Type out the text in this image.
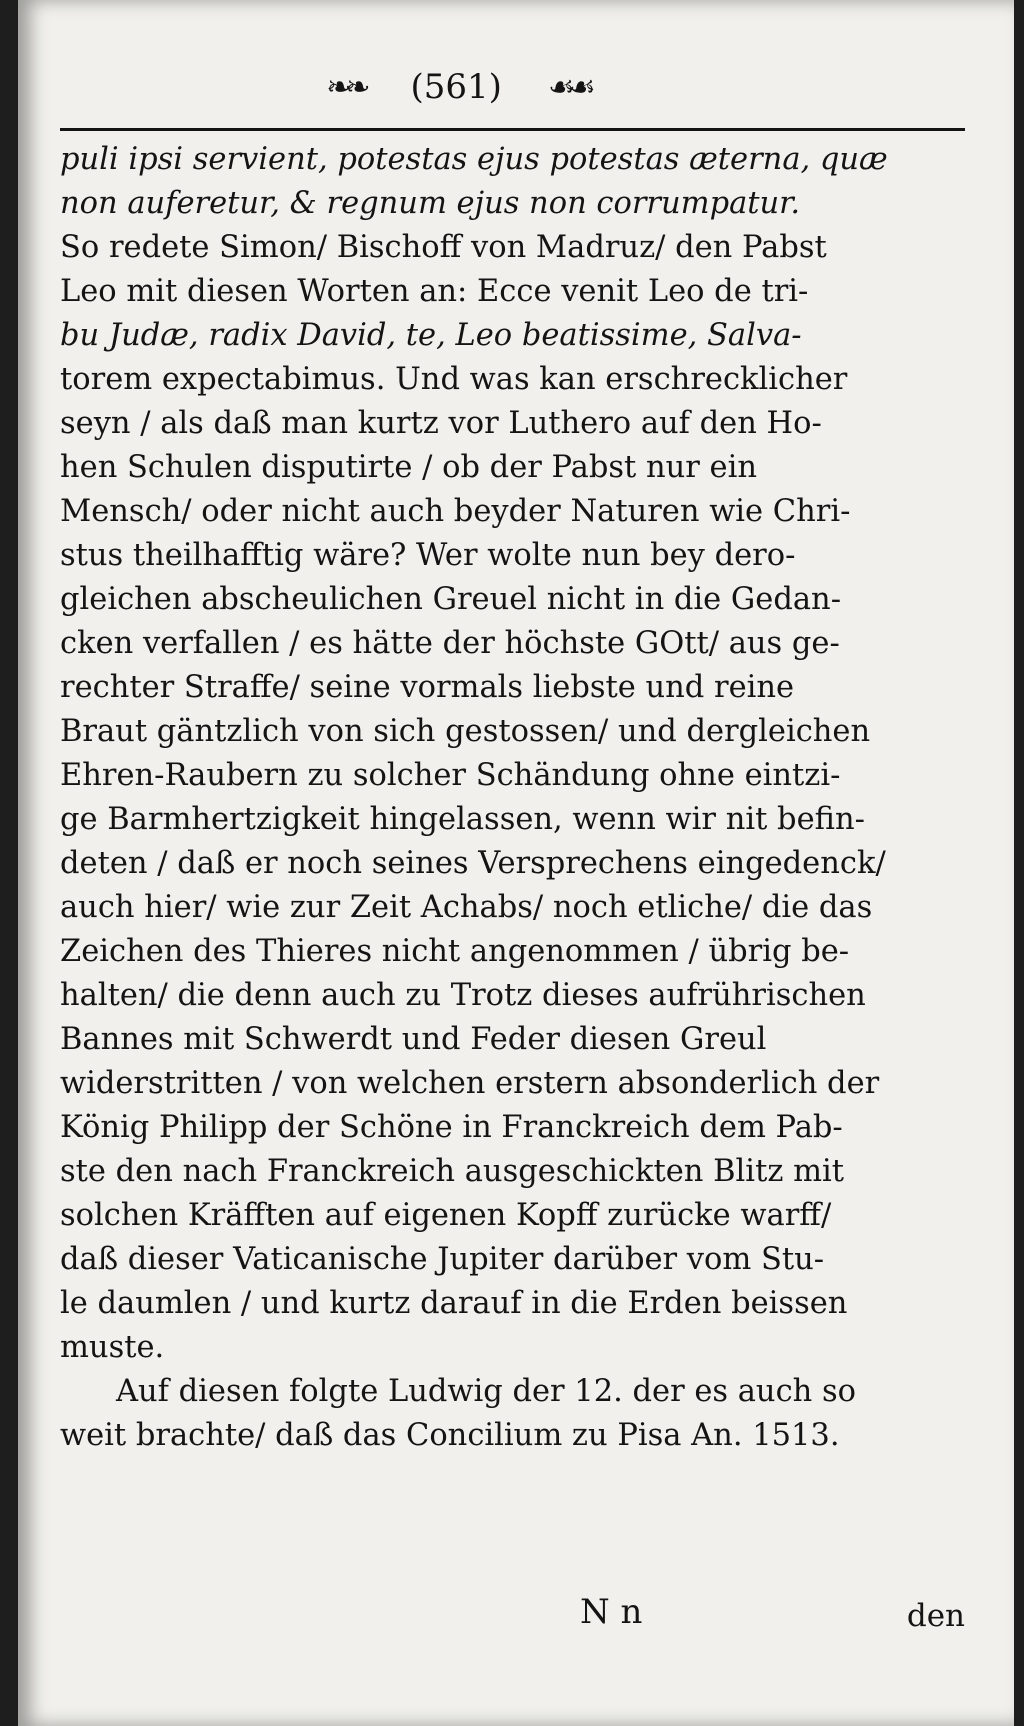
❧❧ (561) ☙☙
puli ipsi servient, potestas ejus potestas æterna, quæ
non auferetur, & regnum ejus non corrumpatur.
So redete Simon/ Bischoff von Madruz/ den Pabst
Leo mit diesen Worten an: Ecce venit Leo de tri-
bu Judæ, radix David, te, Leo beatissime, Salva-
torem expectabimus. Und was kan erschrecklicher
seyn / als daß man kurtz vor Luthero auf den Ho-
hen Schulen disputirte / ob der Pabst nur ein
Mensch/ oder nicht auch beyder Naturen wie Chri-
stus theilhafftig wäre? Wer wolte nun bey dero-
gleichen abscheulichen Greuel nicht in die Gedan-
cken verfallen / es hätte der höchste GOtt/ aus ge-
rechter Straffe/ seine vormals liebste und reine
Braut gäntzlich von sich gestossen/ und dergleichen
Ehren-Raubern zu solcher Schändung ohne eintzi-
ge Barmhertzigkeit hingelassen, wenn wir nit befin-
deten / daß er noch seines Versprechens eingedenck/
auch hier/ wie zur Zeit Achabs/ noch etliche/ die das
Zeichen des Thieres nicht angenommen / übrig be-
halten/ die denn auch zu Trotz dieses aufrührischen
Bannes mit Schwerdt und Feder diesen Greul
widerstritten / von welchen erstern absonderlich der
König Philipp der Schöne in Franckreich dem Pab-
ste den nach Franckreich ausgeschickten Blitz mit
solchen Kräfften auf eigenen Kopff zurücke warff/
daß dieser Vaticanische Jupiter darüber vom Stu-
le daumlen / und kurtz darauf in die Erden beissen
muste.
Auf diesen folgte Ludwig der 12. der es auch so
weit brachte/ daß das Concilium zu Pisa An. 1513.
N n	den
